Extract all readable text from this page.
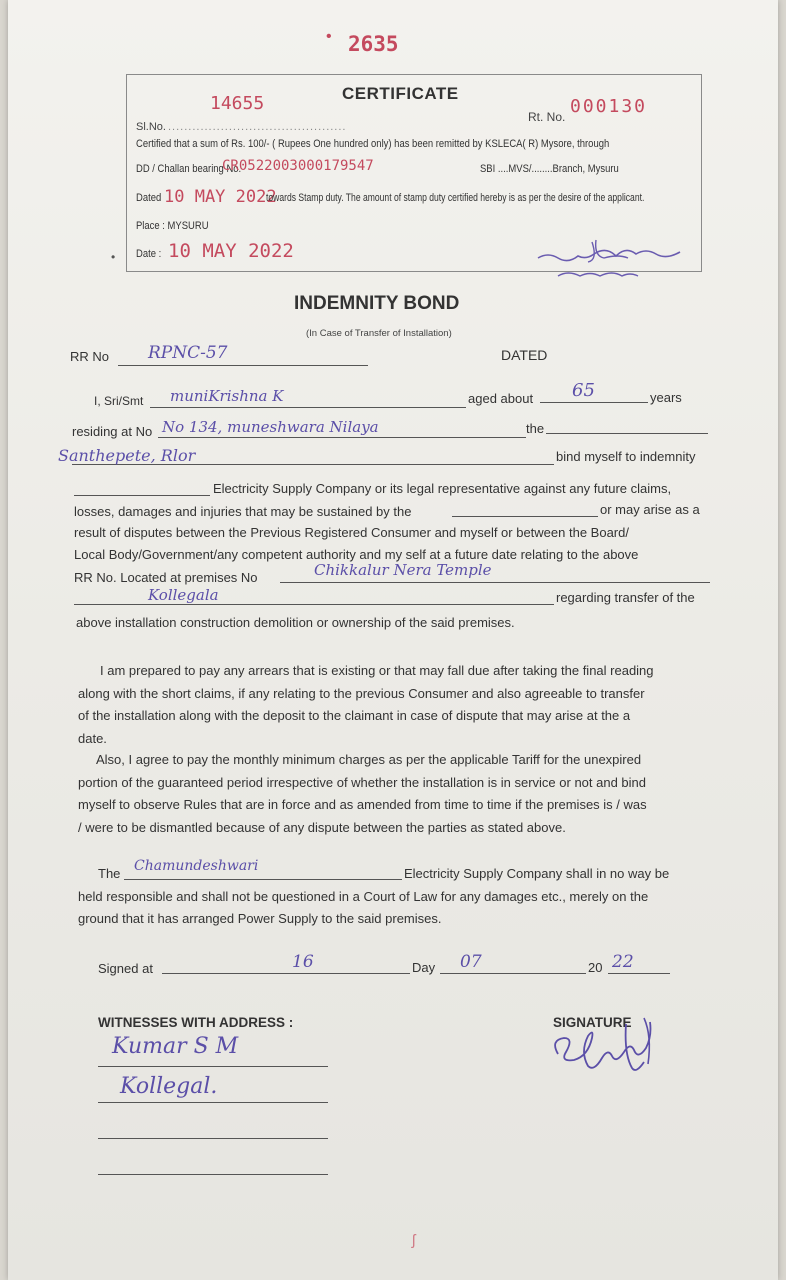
• 2635
CERTIFICATE
14655
Sl.No. ............................................
Rt. No. 000130
Certified that a sum of Rs. 100/- ( Rupees One hundred only) has been remitted by KSLECA( R) Mysore, through
DD / Challan bearing No.
CR0522003000179547	SBI ....MVS/........Branch, Mysuru
Dated 10 MAY 2022
towards Stamp duty. The amount of stamp duty certified hereby is as per the desire of the applicant.
Place : MYSURU
• Date : 10 MAY 2022
INDEMNITY BOND
(In Case of Transfer of Installation)
RR No RPNC-57	DATED
I, Sri/Smt muniKrishna K	aged about 65	years
residing at No No 134, muneshwara Nilaya	the
Santhepete, Rlor	bind myself to indemnity
Electricity Supply Company or its legal representative against any future claims,
losses, damages and injuries that may be sustained by the	or may arise as a
result of disputes between the Previous Registered Consumer and myself or between the Board/
Local Body/Government/any competent authority and my self at a future date relating to the above
RR No. Located at premises No	Chikkalur Nera Temple
Kollegala	regarding transfer of the
above installation construction demolition or ownership of the said premises.
I am prepared to pay any arrears that is existing or that may fall due after taking the final reading
along with the short claims, if any relating to the previous Consumer and also agreeable to transfer
of the installation along with the deposit to the claimant in case of dispute that may arise at the a
date.
Also, I agree to pay the monthly minimum charges as per the applicable Tariff for the unexpired
portion of the guaranteed period irrespective of whether the installation is in service or not and bind
myself to observe Rules that are in force and as amended from time to time if the premises is / was
/ were to be dismantled because of any dispute between the parties as stated above.
The Chamundeshwari	Electricity Supply Company shall in no way be
held responsible and shall not be questioned in a Court of Law for any damages etc., merely on the
ground that it has arranged Power Supply to the said premises.
Signed at	16	Day 07	20 22
WITNESSES WITH ADDRESS :	SIGNATURE
Kumar S M
Kollegal.
ʃ
